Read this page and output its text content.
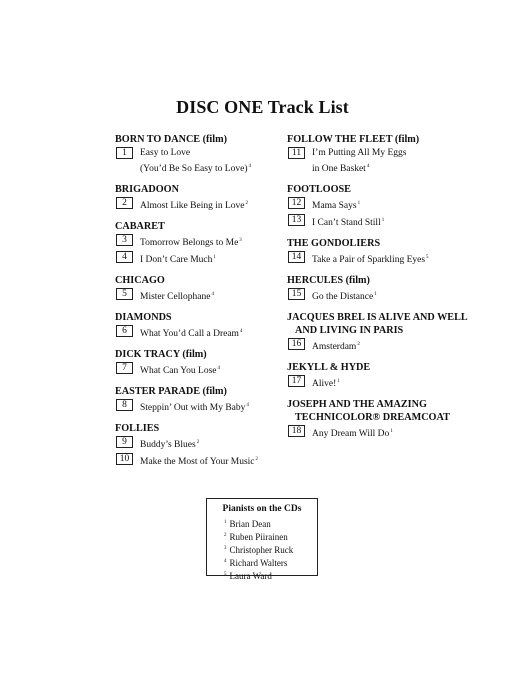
DISC ONE Track List
BORN TO DANCE (film)
1	Easy to Love
(You’d Be So Easy to Love)$^4$
BRIGADOON
2	Almost Like Being in Love$^2$
CABARET
3	Tomorrow Belongs to Me$^3$
4	I Don’t Care Much$^1$
CHICAGO
5	Mister Cellophane$^4$
DIAMONDS
6	What You’d Call a Dream$^4$
DICK TRACY (film)
7	What Can You Lose$^4$
EASTER PARADE (film)
8	Steppin’ Out with My Baby$^4$
FOLLIES
9	Buddy’s Blues$^2$
10	Make the Most of Your Music$^2$
FOLLOW THE FLEET (film)
11	I’m Putting All My Eggs
in One Basket$^4$
FOOTLOOSE
12	Mama Says$^1$
13	I Can’t Stand Still$^1$
THE GONDOLIERS
14	Take a Pair of Sparkling Eyes$^5$
HERCULES (film)
15	Go the Distance$^1$
JACQUES BREL IS ALIVE AND WELL
AND LIVING IN PARIS
16	Amsterdam$^2$
JEKYLL & HYDE
17	Alive!$^1$
JOSEPH AND THE AMAZING
TECHNICOLOR® DREAMCOAT
18	Any Dream Will Do$^1$
Pianists on the CDs
$^1$ Brian Dean
$^2$ Ruben Piirainen
$^3$ Christopher Ruck
$^4$ Richard Walters
$^5$ Laura Ward
